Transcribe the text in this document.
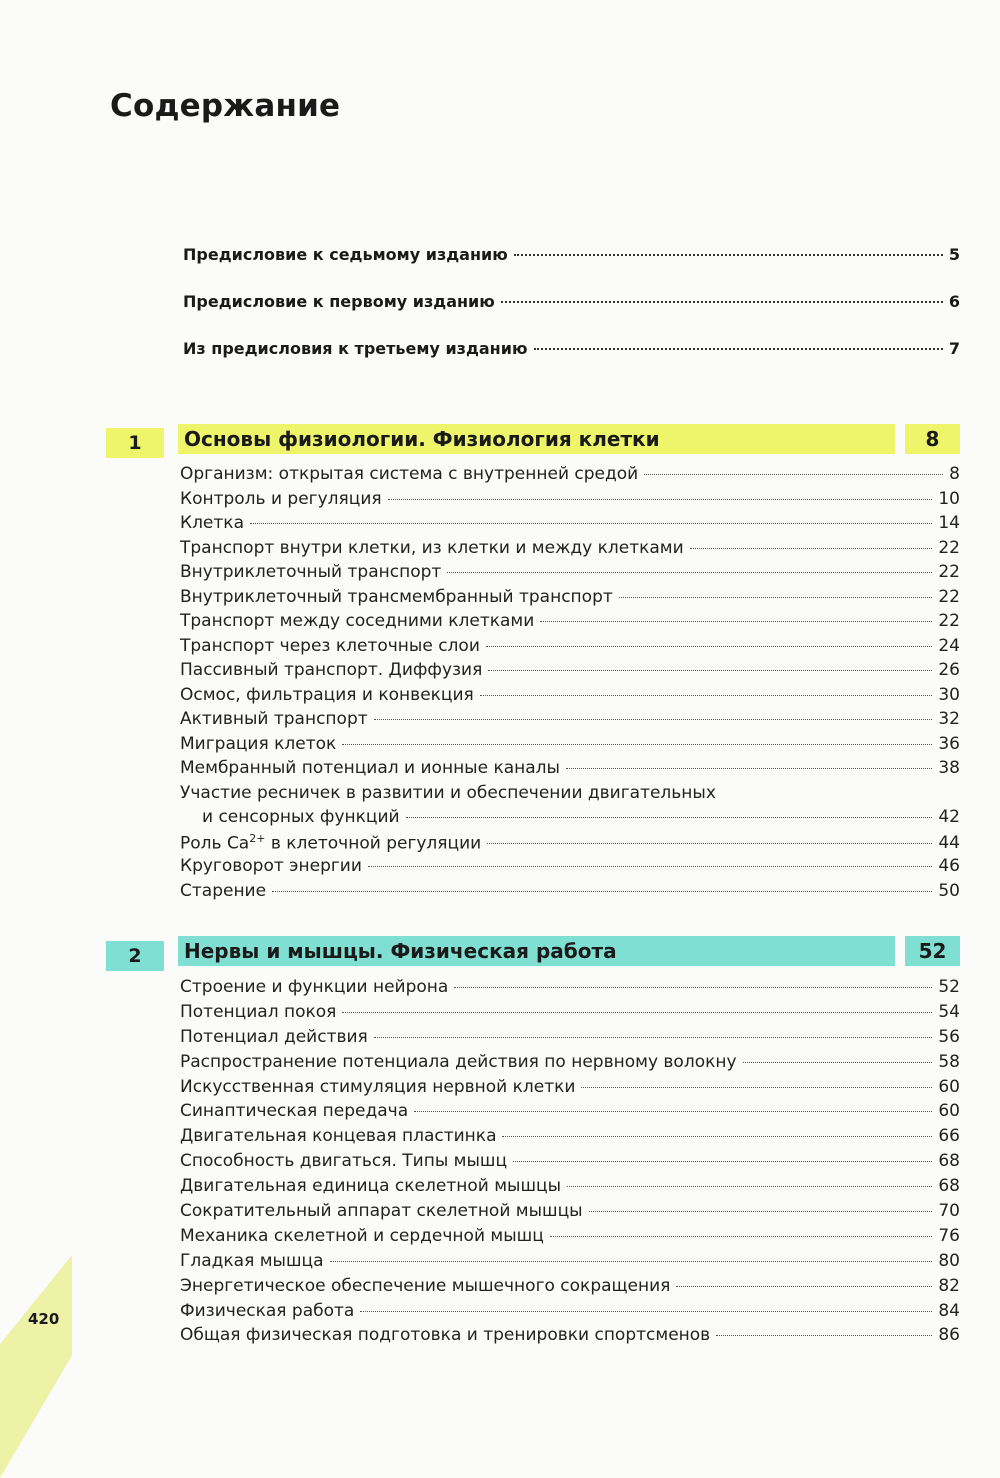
Содержание
Предисловие к седьмому изданию	5
Предисловие к первому изданию	6
Из предисловия к третьему изданию	7
1	Основы физиологии. Физиология клетки	8
Организм: открытая система с внутренней средой	8
Контроль и регуляция	10
Клетка	14
Транспорт внутри клетки, из клетки и между клетками	22
Внутриклеточный транспорт	22
Внутриклеточный трансмембранный транспорт	22
Транспорт между соседними клетками	22
Транспорт через клеточные слои	24
Пассивный транспорт. Диффузия	26
Осмос, фильтрация и конвекция	30
Активный транспорт	32
Миграция клеток	36
Мембранный потенциал и ионные каналы	38
Участие ресничек в развитии и обеспечении двигательных
и сенсорных функций	42
Роль $Ca^{2+}$ в клеточной регуляции	44
Круговорот энергии	46
Старение	50
2	Нервы и мышцы. Физическая работа	52
Строение и функции нейрона	52
Потенциал покоя	54
Потенциал действия	56
Распространение потенциала действия по нервному волокну	58
Искусственная стимуляция нервной клетки	60
Синаптическая передача	60
Двигательная концевая пластинка	66
Способность двигаться. Типы мышц	68
Двигательная единица скелетной мышцы	68
Сократительный аппарат скелетной мышцы	70
Механика скелетной и сердечной мышц	76
Гладкая мышца	80
Энергетическое обеспечение мышечного сокращения	82
Физическая работа	84
Общая физическая подготовка и тренировки спортсменов	86
420
